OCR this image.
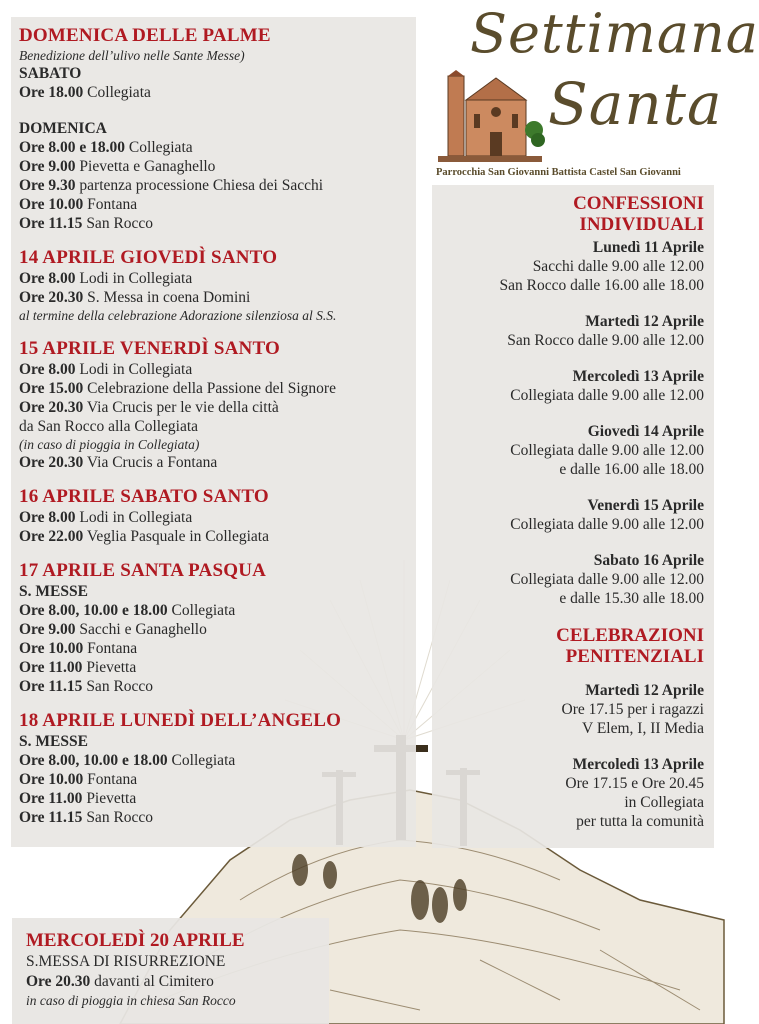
Settimana
Santa
Parrocchia San Giovanni Battista Castel San Giovanni
DOMENICA DELLE PALME
Benedizione dell’ulivo nelle Sante Messe)
SABATO
Ore 18.00 Collegiata
DOMENICA
Ore 8.00 e 18.00 Collegiata
Ore 9.00 Pievetta e Ganaghello
Ore 9.30 partenza processione Chiesa dei Sacchi
Ore 10.00 Fontana
Ore 11.15 San Rocco
14 APRILE GIOVEDÌ SANTO
Ore 8.00 Lodi in Collegiata
Ore 20.30 S. Messa in coena Domini
al termine della celebrazione Adorazione silenziosa al S.S.
15 APRILE VENERDÌ SANTO
Ore 8.00 Lodi in Collegiata
Ore 15.00 Celebrazione della Passione del Signore
Ore 20.30 Via Crucis per le vie della città
da San Rocco alla Collegiata
(in caso di pioggia in Collegiata)
Ore 20.30 Via Crucis a Fontana
16 APRILE SABATO SANTO
Ore 8.00 Lodi in Collegiata
Ore 22.00 Veglia Pasquale in Collegiata
17 APRILE SANTA PASQUA
S. MESSE
Ore 8.00, 10.00 e 18.00 Collegiata
Ore 9.00 Sacchi e Ganaghello
Ore 10.00 Fontana
Ore 11.00 Pievetta
Ore 11.15 San Rocco
18 APRILE LUNEDÌ DELL’ANGELO
S. MESSE
Ore 8.00, 10.00 e 18.00 Collegiata
Ore 10.00 Fontana
Ore 11.00 Pievetta
Ore 11.15 San Rocco
CONFESSIONI
INDIVIDUALI
Lunedì 11 Aprile
Sacchi dalle 9.00 alle 12.00
San Rocco dalle 16.00 alle 18.00
Martedì 12 Aprile
San Rocco dalle 9.00 alle 12.00
Mercoledì 13 Aprile
Collegiata dalle 9.00 alle 12.00
Giovedì 14 Aprile
Collegiata dalle 9.00 alle 12.00
e dalle 16.00 alle 18.00
Venerdì 15 Aprile
Collegiata dalle 9.00 alle 12.00
Sabato 16 Aprile
Collegiata dalle 9.00 alle 12.00
e dalle 15.30 alle 18.00
CELEBRAZIONI
PENITENZIALI
Martedì 12 Aprile
Ore 17.15 per i ragazzi
V Elem, I, II Media
Mercoledì 13 Aprile
Ore 17.15 e Ore 20.45
in Collegiata
per tutta la comunità
MERCOLEDÌ 20 APRILE
S.MESSA DI RISURREZIONE
Ore 20.30 davanti al Cimitero
in caso di pioggia in chiesa San Rocco
